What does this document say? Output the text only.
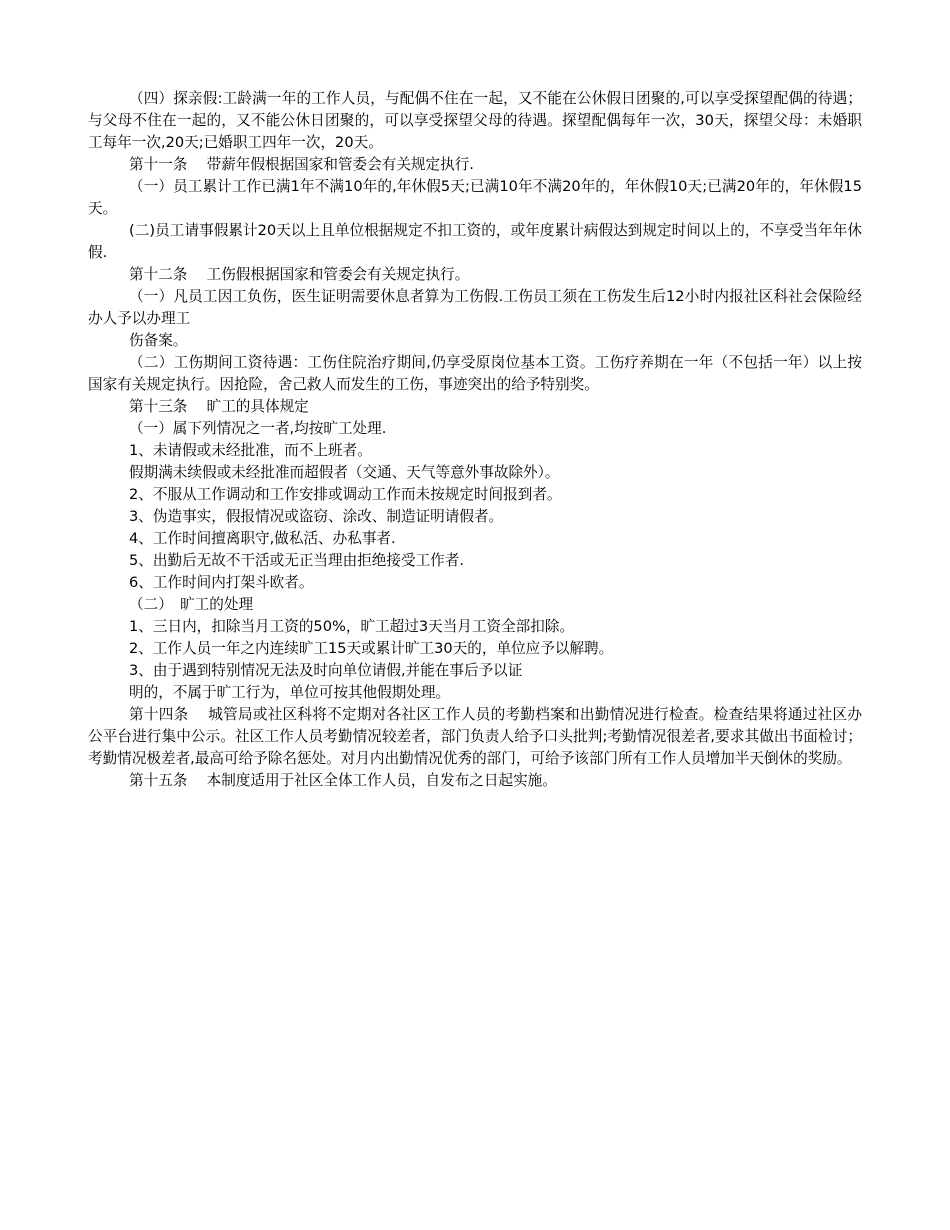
（四）探亲假:工龄满一年的工作人员，与配偶不住在一起，又不能在公休假日团聚的,可以享受探望配偶的待遇；与父母不住在一起的，又不能公休日团聚的，可以享受探望父母的待遇。探望配偶每年一次，30天，探望父母：未婚职工每年一次,20天;已婚职工四年一次，20天。

第十一条　 带薪年假根据国家和管委会有关规定执行.

（一）员工累计工作已满1年不满10年的,年休假5天;已满10年不满20年的，年休假10天;已满20年的，年休假15天。

(二)员工请事假累计20天以上且单位根据规定不扣工资的，或年度累计病假达到规定时间以上的，不享受当年年休假.

第十二条　 工伤假根据国家和管委会有关规定执行。

（一）凡员工因工负伤，医生证明需要休息者算为工伤假.工伤员工须在工伤发生后12小时内报社区科社会保险经办人予以办理工

伤备案。

（二）工伤期间工资待遇：工伤住院治疗期间,仍享受原岗位基本工资。工伤疗养期在一年（不包括一年）以上按国家有关规定执行。因抢险，舍己救人而发生的工伤，事迹突出的给予特别奖。

第十三条　 旷工的具体规定

（一）属下列情况之一者,均按旷工处理.

1、未请假或未经批准，而不上班者。

假期满未续假或未经批准而超假者（交通、天气等意外事故除外）。

2、不服从工作调动和工作安排或调动工作而未按规定时间报到者。

3、伪造事实，假报情况或盗窃、涂改、制造证明请假者。

4、工作时间擅离职守,做私活、办私事者.

5、出勤后无故不干活或无正当理由拒绝接受工作者.

6、工作时间内打架斗欧者。

（二）　旷工的处理

1、三日内，扣除当月工资的50%，旷工超过3天当月工资全部扣除。

2、工作人员一年之内连续旷工15天或累计旷工30天的，单位应予以解聘。

3、由于遇到特别情况无法及时向单位请假,并能在事后予以证

明的，不属于旷工行为，单位可按其他假期处理。

第十四条　 城管局或社区科将不定期对各社区工作人员的考勤档案和出勤情况进行检查。检查结果将通过社区办公平台进行集中公示。社区工作人员考勤情况较差者，部门负责人给予口头批判;考勤情况很差者,要求其做出书面检讨；考勤情况极差者,最高可给予除名惩处。对月内出勤情况优秀的部门，可给予该部门所有工作人员增加半天倒休的奖励。

第十五条　 本制度适用于社区全体工作人员，自发布之日起实施。
